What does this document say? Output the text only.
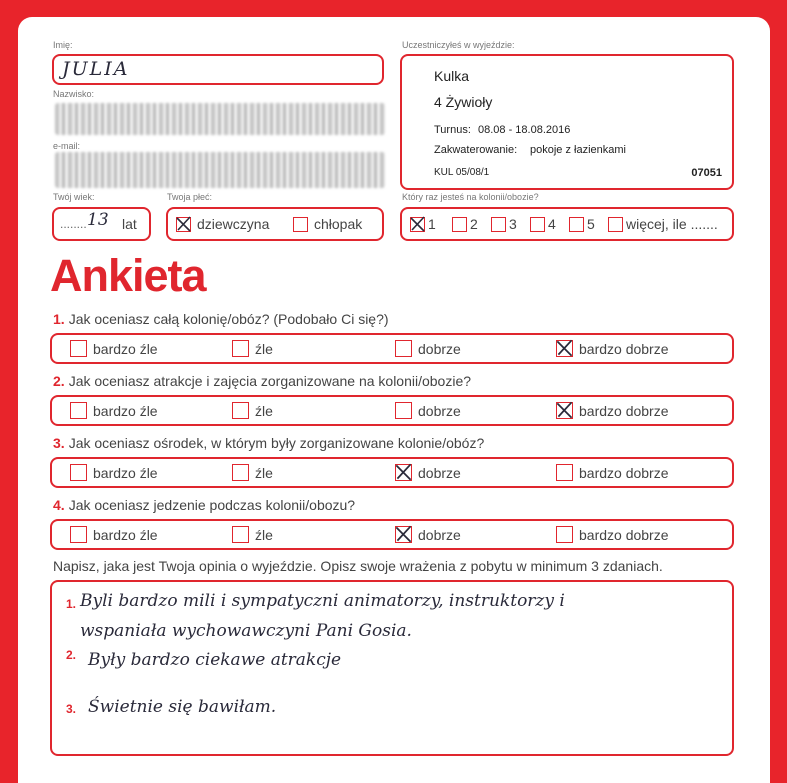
Imię:
JULIA
Nazwisko:
e-mail:
Twój wiek:
........ 13 lat
Twoja płeć:
dziewczyna	chłopak
Uczestniczyłeś w wyjeździe:
Kulka
4 Żywioły
Turnus: 08.08 - 18.08.2016
Zakwaterowanie: pokoje z łazienkami
KUL 05/08/1	07051
Który raz jesteś na kolonii/obozie?
1 2 3 4 5 więcej, ile .......
Ankieta
1. Jak oceniasz całą kolonię/obóz? (Podobało Ci się?)
bardzo źle	źle	dobrze	bardzo dobrze
2. Jak oceniasz atrakcje i zajęcia zorganizowane na kolonii/obozie?
bardzo źle	źle	dobrze	bardzo dobrze
3. Jak oceniasz ośrodek, w którym były zorganizowane kolonie/obóz?
bardzo źle	źle	dobrze	bardzo dobrze
4. Jak oceniasz jedzenie podczas kolonii/obozu?
bardzo źle	źle	dobrze	bardzo dobrze
Napisz, jaka jest Twoja opinia o wyjeździe. Opisz swoje wrażenia z pobytu w minimum 3 zdaniach.
1.
2.
3.
Byli bardzo mili i sympatyczni animatorzy, instruktorzy i
wspaniała wychowawczyni Pani Gosia.
Były bardzo ciekawe atrakcje
Świetnie się bawiłam.
